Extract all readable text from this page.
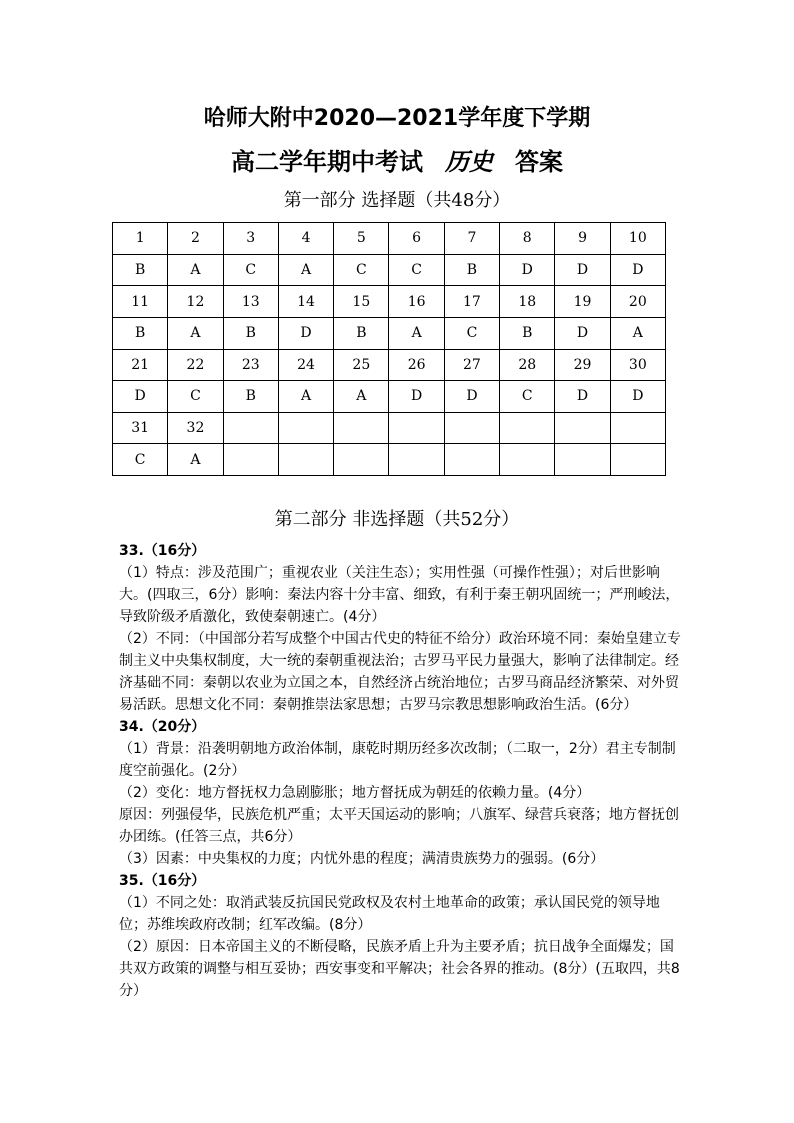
哈师大附中2020—2021学年度下学期
高二学年期中考试 历史 答案
第一部分 选择题（共48分）
1	2	3	4	5	6	7	8	9	10
B	A	C	A	C	C	B	D	D	D
11	12	13	14	15	16	17	18	19	20
B	A	B	D	B	A	C	B	D	A
21	22	23	24	25	26	27	28	29	30
D	C	B	A	A	D	D	C	D	D
31	32								
C	A								
第二部分 非选择题（共52分）

33.（16分）

（1）特点：涉及范围广；重视农业（关注生态）；实用性强（可操作性强）；对后世影响大。(四取三，6分）影响：秦法内容十分丰富、细致，有利于秦王朝巩固统一；严刑峻法，导致阶级矛盾激化，致使秦朝速亡。(4分）

（2）不同：（中国部分若写成整个中国古代史的特征不给分）政治环境不同：秦始皇建立专制主义中央集权制度，大一统的秦朝重视法治；古罗马平民力量强大，影响了法律制定。经济基础不同：秦朝以农业为立国之本，自然经济占统治地位；古罗马商品经济繁荣、对外贸易活跃。思想文化不同：秦朝推崇法家思想；古罗马宗教思想影响政治生活。(6分）

34.（20分）

（1）背景：沿袭明朝地方政治体制，康乾时期历经多次改制；（二取一，2分）君主专制制度空前强化。(2分）

（2）变化：地方督抚权力急剧膨胀；地方督抚成为朝廷的依赖力量。(4分）

原因：列强侵华，民族危机严重；太平天国运动的影响；八旗军、绿营兵衰落；地方督抚创办团练。(任答三点，共6分）

（3）因素：中央集权的力度；内忧外患的程度；满清贵族势力的强弱。(6分）

35.（16分）

（1）不同之处：取消武装反抗国民党政权及农村土地革命的政策；承认国民党的领导地位；苏维埃政府改制；红军改编。(8分）

（2）原因：日本帝国主义的不断侵略，民族矛盾上升为主要矛盾；抗日战争全面爆发；国共双方政策的调整与相互妥协；西安事变和平解决；社会各界的推动。(8分）(五取四，共8分）
